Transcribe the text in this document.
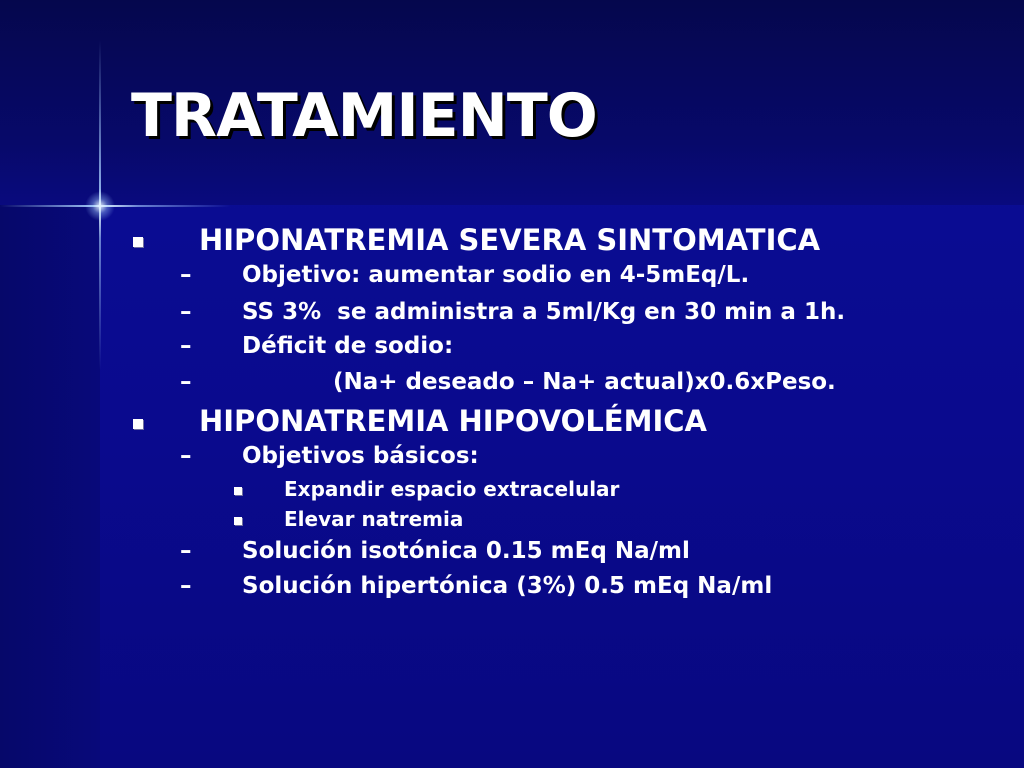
TRATAMIENTO
HIPONATREMIA SEVERA SINTOMATICA
– Objetivo: aumentar sodio en 4-5mEq/L.
– SS 3%  se administra a 5ml/Kg en 30 min a 1h.
– Déficit de sodio:
–	(Na+ deseado – Na+ actual)x0.6xPeso.
HIPONATREMIA HIPOVOLÉMICA
– Objetivos básicos:
Expandir espacio extracelular
Elevar natremia
– Solución isotónica 0.15 mEq Na/ml
– Solución hipertónica (3%) 0.5 mEq Na/ml
